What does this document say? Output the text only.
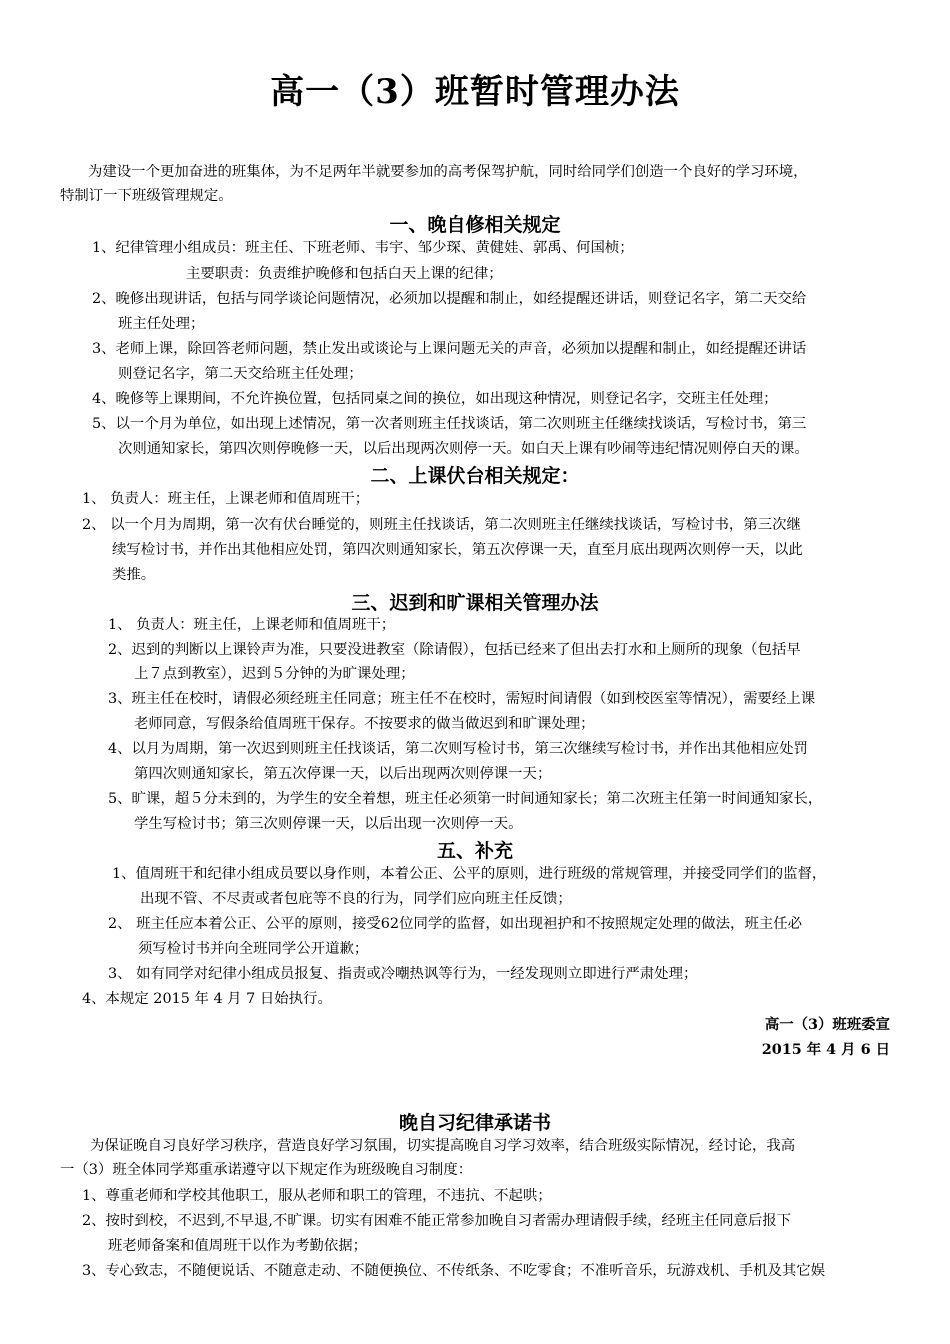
高一（3）班暂时管理办法
为建设一个更加奋进的班集体，为不足两年半就要参加的高考保驾护航，同时给同学们创造一个良好的学习环境，
特制订一下班级管理规定。
一、晚自修相关规定
1、纪律管理小组成员：班主任、下班老师、韦宇、邹少琛、黄健娃、郭禹、何国桢；
主要职责：负责维护晚修和包括白天上课的纪律；
2、晚修出现讲话，包括与同学谈论问题情况，必须加以提醒和制止，如经提醒还讲话，则登记名字，第二天交给
班主任处理；
3、老师上课，除回答老师问题，禁止发出或谈论与上课问题无关的声音，必须加以提醒和制止，如经提醒还讲话
则登记名字，第二天交给班主任处理；
4、晚修等上课期间，不允许换位置，包括同桌之间的换位，如出现这种情况，则登记名字，交班主任处理；
5、以一个月为单位，如出现上述情况，第一次者则班主任找谈话，第二次则班主任继续找谈话，写检讨书，第三
次则通知家长，第四次则停晚修一天，以后出现两次则停一天。如白天上课有吵闹等违纪情况则停白天的课。
二、上课伏台相关规定：
1、 负责人：班主任，上课老师和值周班干；
2、 以一个月为周期，第一次有伏台睡觉的，则班主任找谈话，第二次则班主任继续找谈话，写检讨书，第三次继
续写检讨书，并作出其他相应处罚，第四次则通知家长，第五次停课一天，直至月底出现两次则停一天，以此
类推。
三、迟到和旷课相关管理办法
1、 负责人：班主任，上课老师和值周班干；
2、迟到的判断以上课铃声为准，只要没进教室（除请假），包括已经来了但出去打水和上厕所的现象（包括早
上７点到教室），迟到５分钟的为旷课处理；
3、班主任在校时，请假必须经班主任同意；班主任不在校时，需短时间请假（如到校医室等情况），需要经上课
老师同意，写假条给值周班干保存。不按要求的做当做迟到和旷课处理；
4、以月为周期，第一次迟到则班主任找谈话，第二次则写检讨书，第三次继续写检讨书，并作出其他相应处罚
第四次则通知家长，第五次停课一天，以后出现两次则停课一天；
5、旷课，超５分未到的，为学生的安全着想，班主任必须第一时间通知家长；第二次班主任第一时间通知家长，
学生写检讨书；第三次则停课一天，以后出现一次则停一天。
五、补充
1、值周班干和纪律小组成员要以身作则，本着公正、公平的原则，进行班级的常规管理，并接受同学们的监督，
出现不管、不尽责或者包庇等不良的行为，同学们应向班主任反馈；
2、 班主任应本着公正、公平的原则，接受62位同学的监督，如出现袒护和不按照规定处理的做法，班主任必
须写检讨书并向全班同学公开道歉；
3、 如有同学对纪律小组成员报复、指责或冷嘲热讽等行为，一经发现则立即进行严肃处理；
4、本规定 2015 年 4 月 7 日始执行。
高一（3）班班委宣
2015 年 4 月 6 日
晚自习纪律承诺书
为保证晚自习良好学习秩序，营造良好学习氛围，切实提高晚自习学习效率，结合班级实际情况，经讨论，我高
一（3）班全体同学郑重承诺遵守以下规定作为班级晚自习制度：
1、尊重老师和学校其他职工，服从老师和职工的管理，不违抗、不起哄；
2、按时到校，不迟到,不早退,不旷课。切实有困难不能正常参加晚自习者需办理请假手续，经班主任同意后报下
班老师备案和值周班干以作为考勤依据；
3、专心致志，不随便说话、不随意走动、不随便换位、不传纸条、不吃零食；不准听音乐，玩游戏机、手机及其它娱
